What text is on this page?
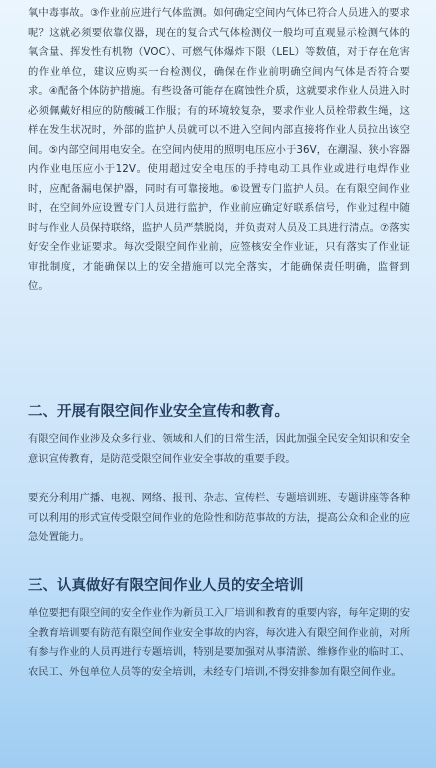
氧中毒事故。③作业前应进行气体监测。如何确定空间内气体已符合人员进入的要求呢？这就必须要依靠仪器，现在的复合式气体检测仪一般均可直观显示检测气体的氧含量、挥发性有机物（VOC）、可燃气体爆炸下限（LEL）等数值，对于存在危害的作业单位，建议应购买一台检测仪，确保在作业前明确空间内气体是否符合要求。④配备个体防护措施。有些设备可能存在腐蚀性介质，这就要求作业人员进入时必须佩戴好相应的防酸碱工作服；有的环境较复杂，要求作业人员栓带救生绳，这样在发生状况时，外部的监护人员就可以不进入空间内部直接将作业人员拉出该空间。⑤内部空间用电安全。在空间内使用的照明电压应小于36V，在潮湿、狭小容器内作业电压应小于12V。使用超过安全电压的手持电动工具作业或进行电焊作业时，应配备漏电保护器，同时有可靠接地。⑥设置专门监护人员。在有限空间作业时，在空间外应设置专门人员进行监护，作业前应确定好联系信号，作业过程中随时与作业人员保持联络，监护人员严禁脱岗，并负责对人员及工具进行清点。⑦落实好安全作业证要求。每次受限空间作业前，应签核安全作业证，只有落实了作业证审批制度，才能确保以上的安全措施可以完全落实，才能确保责任明确，监督到位。

二、开展有限空间作业安全宣传和教育。

有限空间作业涉及众多行业、领域和人们的日常生活，因此加强全民安全知识和安全意识宣传教育，是防范受限空间作业安全事故的重要手段。

要充分利用广播、电视、网络、报刊、杂志、宣传栏、专题培训班、专题讲座等各种可以利用的形式宣传受限空间作业的危险性和防范事故的方法，提高公众和企业的应急处置能力。

三、认真做好有限空间作业人员的安全培训

单位要把有限空间的安全作业作为新员工入厂培训和教育的重要内容，每年定期的安全教育培训要有防范有限空间作业安全事故的内容，每次进入有限空间作业前，对所有参与作业的人员再进行专题培训，特别是要加强对从事清淤、维修作业的临时工、农民工、外包单位人员等的安全培训，未经专门培训,不得安排参加有限空间作业。
